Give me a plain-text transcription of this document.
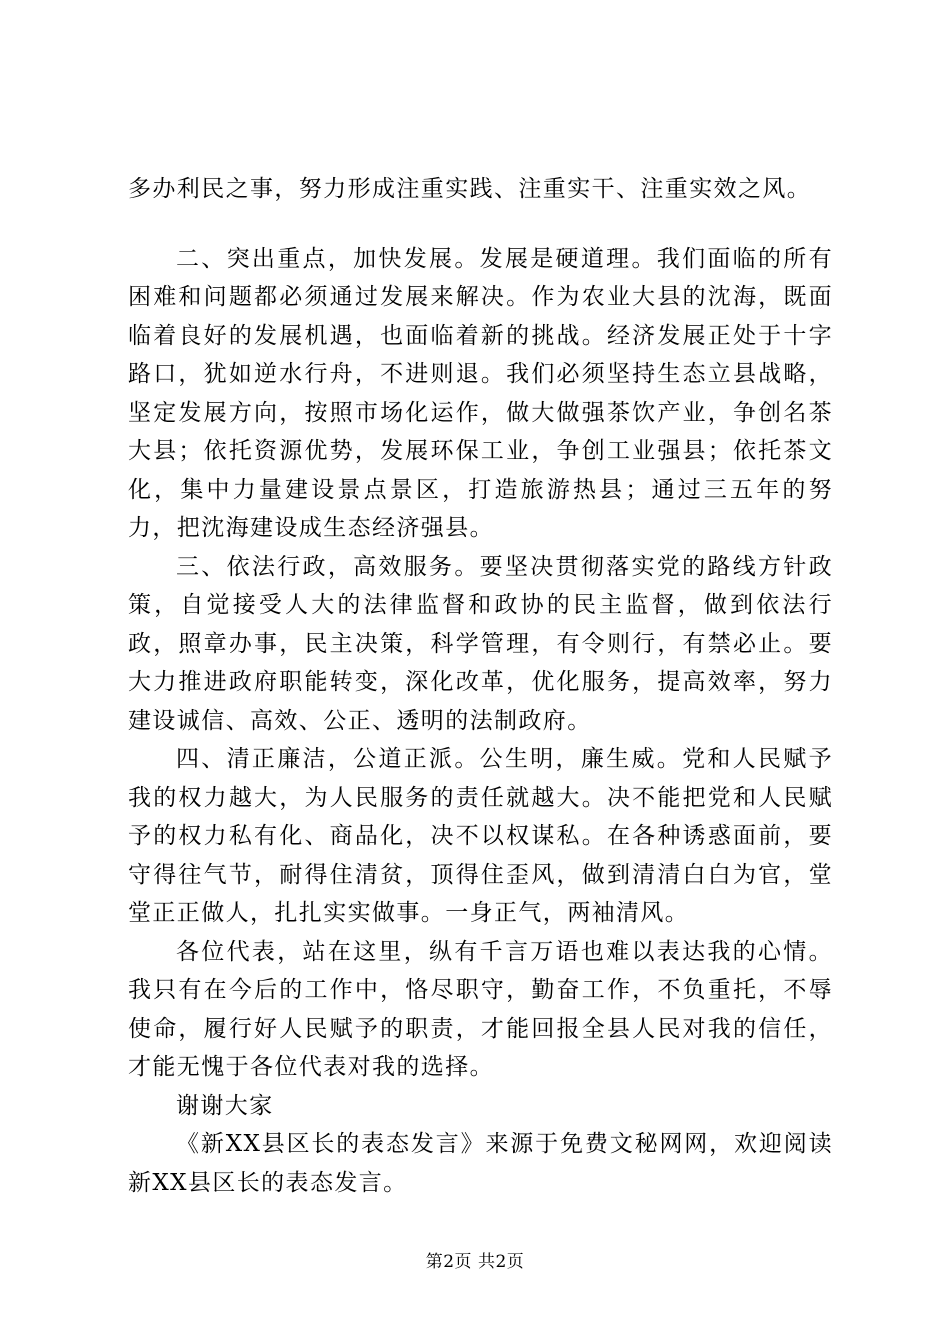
多办利民之事，努力形成注重实践、注重实干、注重实效之风。

二、突出重点，加快发展。发展是硬道理。我们面临的所有困难和问题都必须通过发展来解决。作为农业大县的沈海，既面临着良好的发展机遇，也面临着新的挑战。经济发展正处于十字路口，犹如逆水行舟，不进则退。我们必须坚持生态立县战略，坚定发展方向，按照市场化运作，做大做强茶饮产业，争创名茶大县；依托资源优势，发展环保工业，争创工业强县；依托茶文化，集中力量建设景点景区，打造旅游热县；通过三五年的努力，把沈海建设成生态经济强县。

三、依法行政，高效服务。要坚决贯彻落实党的路线方针政策，自觉接受人大的法律监督和政协的民主监督，做到依法行政，照章办事，民主决策，科学管理，有令则行，有禁必止。要大力推进政府职能转变，深化改革，优化服务，提高效率，努力建设诚信、高效、公正、透明的法制政府。

四、清正廉洁，公道正派。公生明，廉生威。党和人民赋予我的权力越大，为人民服务的责任就越大。决不能把党和人民赋予的权力私有化、商品化，决不以权谋私。在各种诱惑面前，要守得往气节，耐得住清贫，顶得住歪风，做到清清白白为官，堂堂正正做人，扎扎实实做事。一身正气，两袖清风。

各位代表，站在这里，纵有千言万语也难以表达我的心情。我只有在今后的工作中，恪尽职守，勤奋工作，不负重托，不辱使命，履行好人民赋予的职责，才能回报全县人民对我的信任，才能无愧于各位代表对我的选择。

谢谢大家

《新XX县区长的表态发言》来源于免费文秘网网，欢迎阅读新XX县区长的表态发言。

第2页 共2页
